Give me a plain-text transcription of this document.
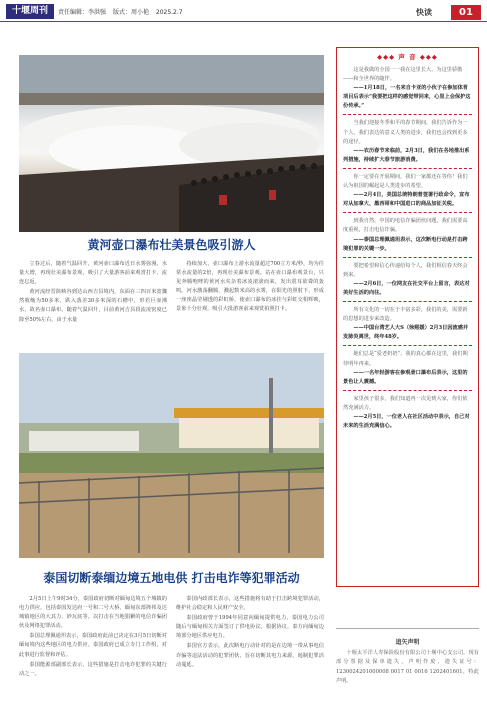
十堰周刊	责任编辑：李洪强 版式：周小艳 2025.2.7	快读	01
黄河壶口瀑布壮美景色吸引游人

立春过后，随着气温回升，黄河壶口瀑布近日水雾弥漫、水量大增，再现壮美瀑布景观，吸引了大量游客前来观赏打卡、流连忘返。

黄河流经晋陕峡谷到达山西吉县境内，东面在三四百米宽骤然收缩为50多米，跌入落差30多米深的石槽中，形若巨壶沸水，故名壶口瀑布。随着气温回升，目前黄河吉县段流凌密度已降至50%左右，由于水量

持续加大，壶口瀑布上游水流量超过700立方米/秒，均为往常水流量的2倍，再现壮美瀑布景观。站在壶口瀑布观景台，只见奔腾咆哮的黄河水夹杂着冰凌滚滚而来，发出震耳欲聋的轰鸣。河水激荡翻腾，溅起数米高的水雾，在阳光的照射下，形成一座座晶莹剔透的彩虹桥，使壶口瀑布的冰挂与彩虹交相辉映，景象十分壮观，吸引大批游客前来观赏拍照打卡。

泰国切断泰缅边境五地电供 打击电诈等犯罪活动

2月5日上午9时34分，泰国政府切断对缅甸边境五个城镇的电力供应，包括泰国发达府一号和二号大桥、缅甸东部掸邦及达城镇地区的大其力、妙瓦底等。以打击在当地猖獗的电信诈骗团伙及网络犯罪活动。

泰国总理佩通坦表示，泰国政府此前已决定在3月5日切断对缅甸境内这些地区的电力供应。泰国政府已成立专门工作组，对此事进行监督和评估。

泰国能源部副部长表示，这些措施是打击电诈犯罪的关键行动之一。

泰国内政部长表示，这些措施将有助于打击跨境犯罪活动，维护社会稳定和人民财产安全。

泰国政府曾于1994年同意向缅甸提供电力，泰国电力公司随后与缅甸相关方面签订了供电协议。根据协议，泰方向缅甸边境部分地区供应电力。

泰国官方表示，此次断电行动针对的是在边境一带从事电信诈骗等违法活动的犯罪团伙，旨在切断其电力来源，遏制犯罪活动蔓延。

◆◆◆ 声 音 ◆◆◆
这是我做的全国一一我在这里长大，为这里骄傲——和全世界的随伴。
——1月18日，一名来自卡亚的小伙子在参加体育项目后表示“我要把这样的感觉带回来，心里上会保护这份传承。”
当我们迎接冬季和平的春节期间，我们告诉作为一个人，我们表达的意义人类的进步，我们也会找到更多的途径。
——农历春节来临前，2月3日，我们在各地推出系列措施，持续扩大春节旅游消费。
你一定要在开展期间，我们一家都还在等你！我们认为祖国的崛起是人类进步的希望。
——2月4日，美国总统特朗普签署行政命令，宣布对从加拿大、墨西哥和中国进口的商品加征关税。
到我自然，中国的电信诈骗团伙问题，我们需要高度重视，打击电信诈骗。
——泰国总理佩通坦表示，这次断电行动是打击跨境犯罪的关键一步。
要把希望和信心传递给每个人，我们相信春天终会到来。
——2月6日，一位网友在社交平台上留言，表达对美好生活的向往。
所有文化的一切在于丰富多彩，我们的美，需要新的思想的进步来改造。
——中国台湾艺人大S（徐熙媛）2月3日因流感并发肺炎离世，终年48岁。
她们总是“爱老奶奶”，我的真心都在这里，我们期待明年再来。
——一名年轻游客在参观壶口瀑布后表示，这里的景色让人震撼。
家里孩子很多，我们知道再一次见到大家，你们依然充满活力。
——2月5日，一位老人在社区活动中表示，自己对未来的生活充满信心。
追矢声明
十堰太平洋人寿保险股份有限公司十堰中心支公司，现有部分票据及保单遗失，声明作废，遗失证号：1230024201000008 0017 01 0016 1202401601，特此声明。
